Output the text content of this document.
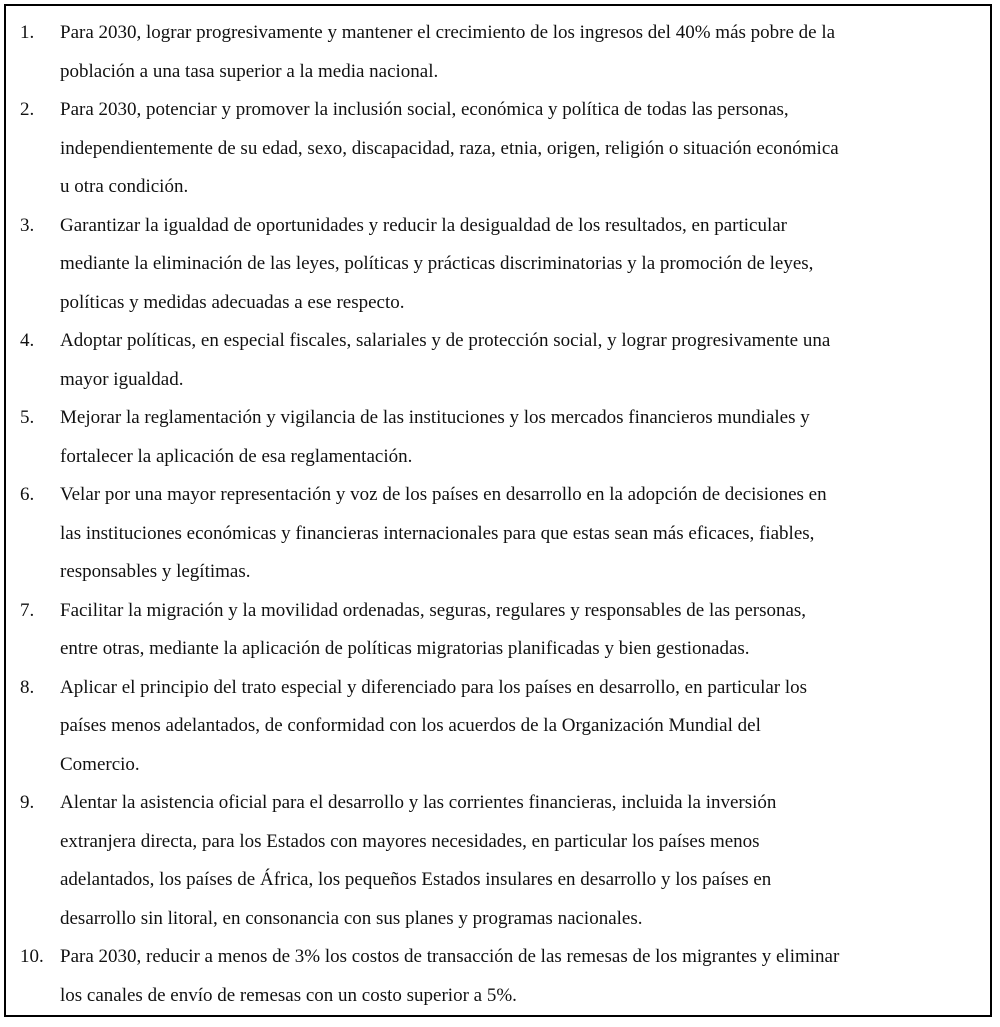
1.	Para 2030, lograr progresivamente y mantener el crecimiento de los ingresos del 40% más pobre de la
población a una tasa superior a la media nacional.
2.	Para 2030, potenciar y promover la inclusión social, económica y política de todas las personas,
independientemente de su edad, sexo, discapacidad, raza, etnia, origen, religión o situación económica
u otra condición.
3.	Garantizar la igualdad de oportunidades y reducir la desigualdad de los resultados, en particular
mediante la eliminación de las leyes, políticas y prácticas discriminatorias y la promoción de leyes,
políticas y medidas adecuadas a ese respecto.
4.	Adoptar políticas, en especial fiscales, salariales y de protección social, y lograr progresivamente una
mayor igualdad.
5.	Mejorar la reglamentación y vigilancia de las instituciones y los mercados financieros mundiales y
fortalecer la aplicación de esa reglamentación.
6.	Velar por una mayor representación y voz de los países en desarrollo en la adopción de decisiones en
las instituciones económicas y financieras internacionales para que estas sean más eficaces, fiables,
responsables y legítimas.
7.	Facilitar la migración y la movilidad ordenadas, seguras, regulares y responsables de las personas,
entre otras, mediante la aplicación de políticas migratorias planificadas y bien gestionadas.
8.	Aplicar el principio del trato especial y diferenciado para los países en desarrollo, en particular los
países menos adelantados, de conformidad con los acuerdos de la Organización Mundial del
Comercio.
9.	Alentar la asistencia oficial para el desarrollo y las corrientes financieras, incluida la inversión
extranjera directa, para los Estados con mayores necesidades, en particular los países menos
adelantados, los países de África, los pequeños Estados insulares en desarrollo y los países en
desarrollo sin litoral, en consonancia con sus planes y programas nacionales.
10. Para 2030, reducir a menos de 3% los costos de transacción de las remesas de los migrantes y eliminar
los canales de envío de remesas con un costo superior a 5%.
